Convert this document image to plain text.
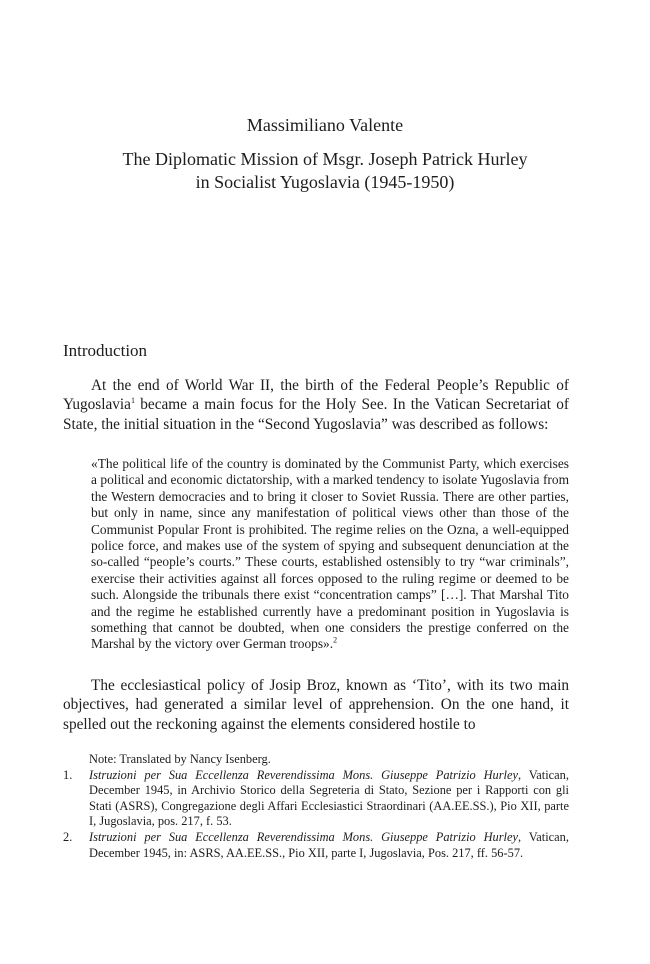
Massimiliano Valente
The Diplomatic Mission of Msgr. Joseph Patrick Hurley
in Socialist Yugoslavia (1945-1950)
Introduction

At the end of World War II, the birth of the Federal People’s Republic of Yugoslavia$^1$ became a main focus for the Holy See. In the Vatican Secretariat of State, the initial situation in the “Second Yugoslavia” was described as follows:

«The political life of the country is dominated by the Communist Party, which exercises a political and economic dictatorship, with a marked tendency to isolate Yugoslavia from the Western democracies and to bring it closer to Soviet Russia. There are other parties, but only in name, since any manifestation of political views other than those of the Communist Popular Front is prohibited. The regime relies on the Ozna, a well-equipped police force, and makes use of the system of spying and subsequent denunciation at the so-called “people’s courts.” These courts, established ostensibly to try “war criminals”, exercise their activities against all forces opposed to the ruling regime or deemed to be such. Alongside the tribunals there exist “concentration camps” […]. That Marshal Tito and the regime he established currently have a predominant position in Yugoslavia is something that cannot be doubted, when one considers the prestige conferred on the Marshal by the victory over German troops».$^2$

The ecclesiastical policy of Josip Broz, known as ‘Tito’, with its two main objectives, had generated a similar level of apprehension. On the one hand, it spelled out the reckoning against the elements considered hostile to

Note: Translated by Nancy Isenberg.
1.	Istruzioni per Sua Eccellenza Reverendissima Mons. Giuseppe Patrizio Hurley, Vatican, December 1945, in Archivio Storico della Segreteria di Stato, Sezione per i Rapporti con gli Stati (ASRS), Congregazione degli Affari Ecclesiastici Straordinari (AA.EE.SS.), Pio XII, parte I, Jugoslavia, pos. 217, f. 53.
2.	Istruzioni per Sua Eccellenza Reverendissima Mons. Giuseppe Patrizio Hurley, Vatican, December 1945, in: ASRS, AA.EE.SS., Pio XII, parte I, Jugoslavia, Pos. 217, ff. 56-57.
